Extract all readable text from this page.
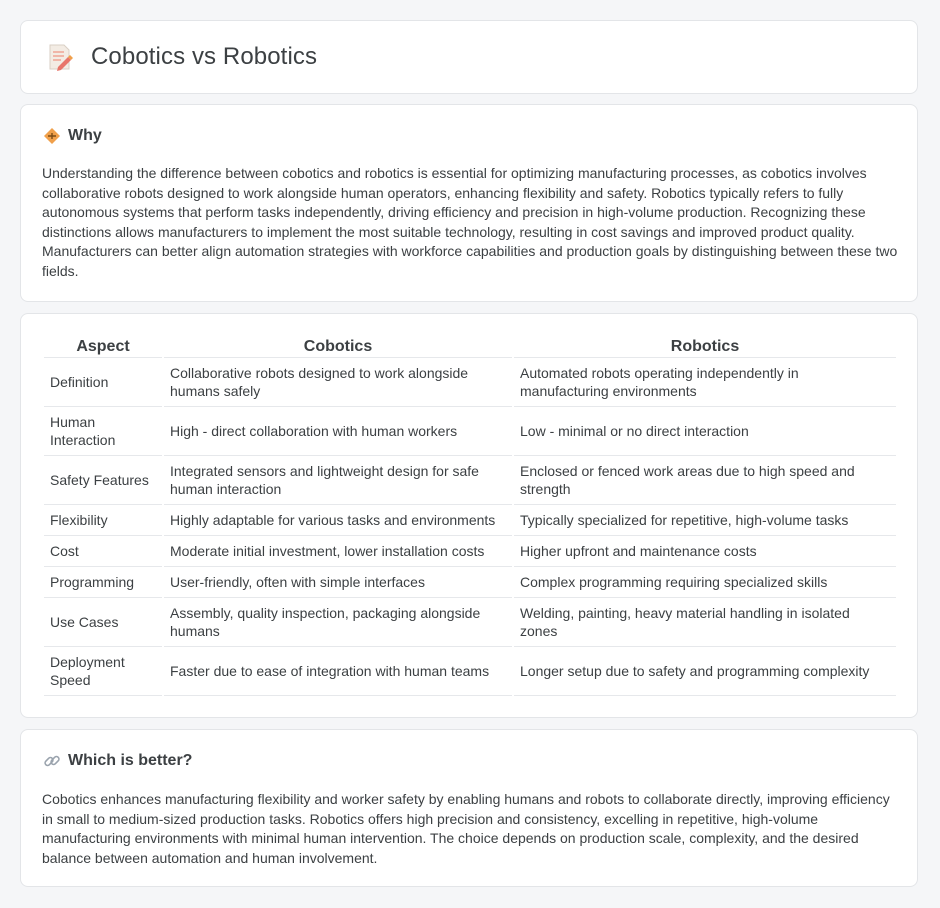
Cobotics vs Robotics
Why

Understanding the difference between cobotics and robotics is essential for optimizing manufacturing processes, as cobotics involves collaborative robots designed to work alongside human operators, enhancing flexibility and safety. Robotics typically refers to fully autonomous systems that perform tasks independently, driving efficiency and precision in high-volume production. Recognizing these distinctions allows manufacturers to implement the most suitable technology, resulting in cost savings and improved product quality. Manufacturers can better align automation strategies with workforce capabilities and production goals by distinguishing between these two fields.

Aspect	Cobotics	Robotics
Definition	Collaborative robots designed to work alongside humans safely	Automated robots operating independently in manufacturing environments
Human Interaction	High - direct collaboration with human workers	Low - minimal or no direct interaction
Safety Features	Integrated sensors and lightweight design for safe human interaction	Enclosed or fenced work areas due to high speed and strength
Flexibility	Highly adaptable for various tasks and environments	Typically specialized for repetitive, high-volume tasks
Cost	Moderate initial investment, lower installation costs	Higher upfront and maintenance costs
Programming	User-friendly, often with simple interfaces	Complex programming requiring specialized skills
Use Cases	Assembly, quality inspection, packaging alongside humans	Welding, painting, heavy material handling in isolated zones
Deployment Speed	Faster due to ease of integration with human teams	Longer setup due to safety and programming complexity
Which is better?

Cobotics enhances manufacturing flexibility and worker safety by enabling humans and robots to collaborate directly, improving efficiency in small to medium-sized production tasks. Robotics offers high precision and consistency, excelling in repetitive, high-volume manufacturing environments with minimal human intervention. The choice depends on production scale, complexity, and the desired balance between automation and human involvement.
